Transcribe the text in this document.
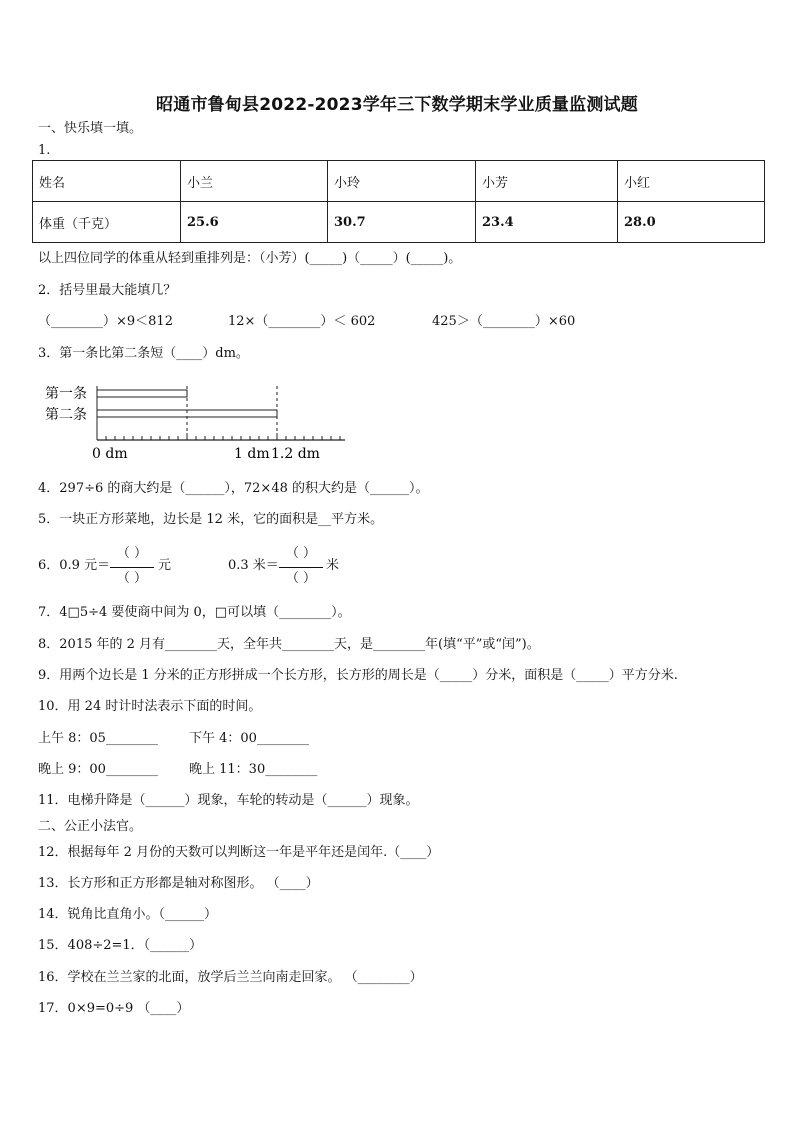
昭通市鲁甸县2022-2023学年三下数学期末学业质量监测试题
一、快乐填一填。
1.
姓名	小兰	小玲	小芳	小红
体重（千克）	25.6	30.7	23.4	28.0
以上四位同学的体重从轻到重排列是：（小芳）(_____)（_____）(_____)。
2．括号里最大能填几？
（________）×9＜812	12×（________）＜ 602	425＞（________）×60
3．第一条比第二条短（____）dm。
第一条
第二条
0 dm	1 dm 1.2 dm
4．297÷6 的商大约是（______），72×48 的积大约是（______）。
5．一块正方形菜地，边长是 12 米，它的面积是__平方米。
6．0.9 元＝
（ ）
（ ）
元	0.3 米＝
（ ）
（ ）
米
7．4□5÷4 要使商中间为 0，□可以填（________）。
8．2015 年的 2 月有________天，全年共________天，是________年(填“平”或“闰”)。
9．用两个边长是 1 分米的正方形拼成一个长方形，长方形的周长是（_____）分米，面积是（_____）平方分米.
10．用 24 时计时法表示下面的时间。
上午 8：05________ 下午 4：00________
晚上 9：00________ 晚上 11：30________
11．电梯升降是（______）现象，车轮的转动是（______）现象。
二、公正小法官。
12．根据每年 2 月份的天数可以判断这一年是平年还是闰年.（____）
13．长方形和正方形都是轴对称图形。 （____）
14．锐角比直角小。（______）
15．408÷2=1．（______）
16．学校在兰兰家的北面，放学后兰兰向南走回家。 （________）
17．0×9=0÷9 （____）
